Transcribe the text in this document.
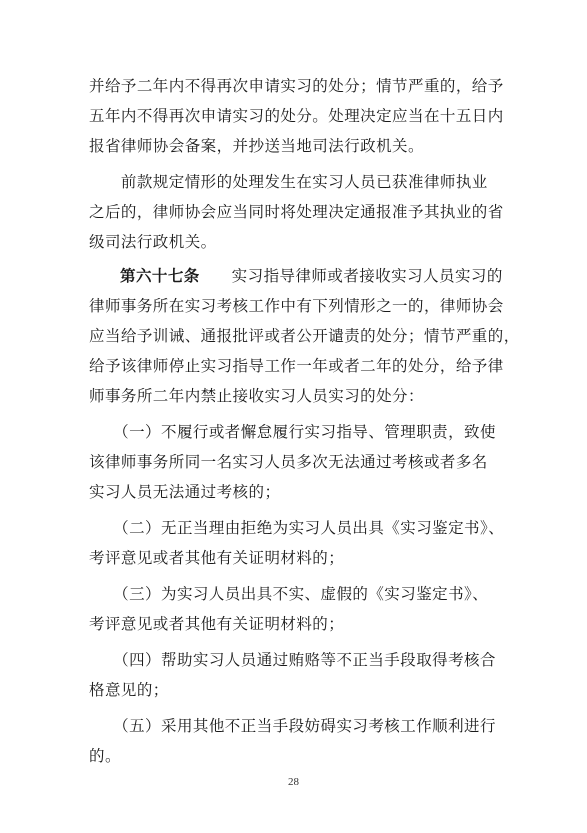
并给予二年内不得再次申请实习的处分；情节严重的，给予
五年内不得再次申请实习的处分。处理决定应当在十五日内
报省律师协会备案，并抄送当地司法行政机关。
　　前款规定情形的处理发生在实习人员已获准律师执业
之后的，律师协会应当同时将处理决定通报准予其执业的省
级司法行政机关。
第六十七条　　实习指导律师或者接收实习人员实习的
律师事务所在实习考核工作中有下列情形之一的，律师协会
应当给予训诫、通报批评或者公开谴责的处分；情节严重的，
给予该律师停止实习指导工作一年或者二年的处分，给予律
师事务所二年内禁止接收实习人员实习的处分：
　　（一）不履行或者懈怠履行实习指导、管理职责，致使
该律师事务所同一名实习人员多次无法通过考核或者多名
实习人员无法通过考核的；
　　（二）无正当理由拒绝为实习人员出具《实习鉴定书》、
考评意见或者其他有关证明材料的；
　　（三）为实习人员出具不实、虚假的《实习鉴定书》、
考评意见或者其他有关证明材料的；
　　（四）帮助实习人员通过贿赂等不正当手段取得考核合
格意见的；
　　（五）采用其他不正当手段妨碍实习考核工作顺利进行
的。
28
